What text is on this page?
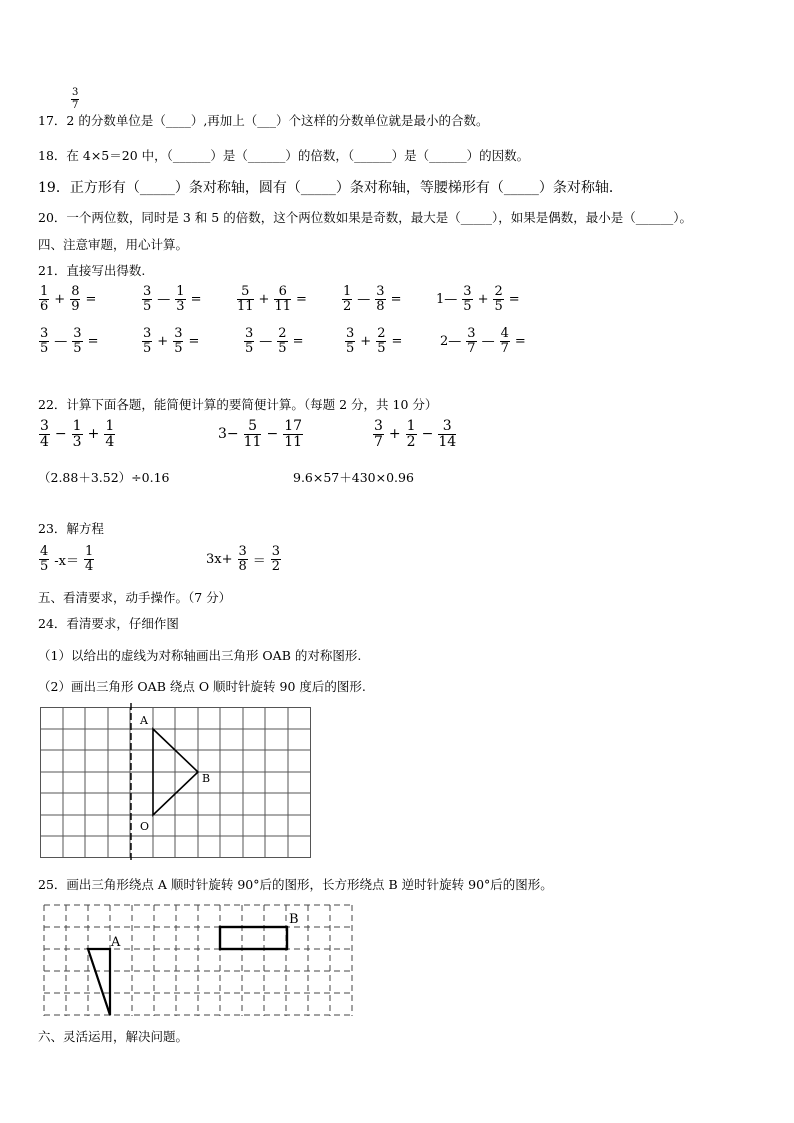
3
7
17．2 的分数单位是（____）,再加上（___）个这样的分数单位就是最小的合数。
18．在 4×5＝20 中，（______）是（______）的倍数，（______）是（______）的因数。
19．正方形有（_____）条对称轴，圆有（_____）条对称轴，等腰梯形有（_____）条对称轴．
20．一个两位数，同时是 3 和 5 的倍数，这个两位数如果是奇数，最大是（_____），如果是偶数，最小是（______）。
四、注意审题，用心计算。
21．直接写出得数.
$\frac{1}{6} + \frac{8}{9}$ =	$\frac{3}{5}$ — $\frac{1}{3}$ =	$\frac{5}{11} + \frac{6}{11}$ =	$\frac{1}{2}$ — $\frac{3}{8}$ =	1— $\frac{3}{5} + \frac{2}{5}$ =
$\frac{3}{5}$ — $\frac{3}{5}$ =	$\frac{3}{5} + \frac{3}{5}$ =	$\frac{3}{5}$ — $\frac{2}{5}$ =	$\frac{3}{5} + \frac{2}{5}$ =	2— $\frac{3}{7}$ — $\frac{4}{7}$ =
22．计算下面各题，能简便计算的要简便计算。（每题 2 分，共 10 分）
$\frac{3}{4} - \frac{1}{3} + \frac{1}{4}$	$3- \frac{5}{11} - \frac{17}{11}$	$\frac{3}{7} + \frac{1}{2} - \frac{3}{14}$
（2.88＋3.52）÷0.16	9.6×57＋430×0.96
23．解方程
$\frac{4}{5} -x= \frac{1}{4}$	$3x+ \frac{3}{8} = \frac{3}{2}$
五、看清要求，动手操作。（7 分）
24．看清要求，仔细作图
（1）以给出的虚线为对称轴画出三角形 OAB 的对称图形.
（2）画出三角形 OAB 绕点 O 顺时针旋转 90 度后的图形.
A
B
O
25．画出三角形绕点 A 顺时针旋转 90°后的图形，长方形绕点 B 逆时针旋转 90°后的图形。
A
B
六、灵活运用，解决问题。
